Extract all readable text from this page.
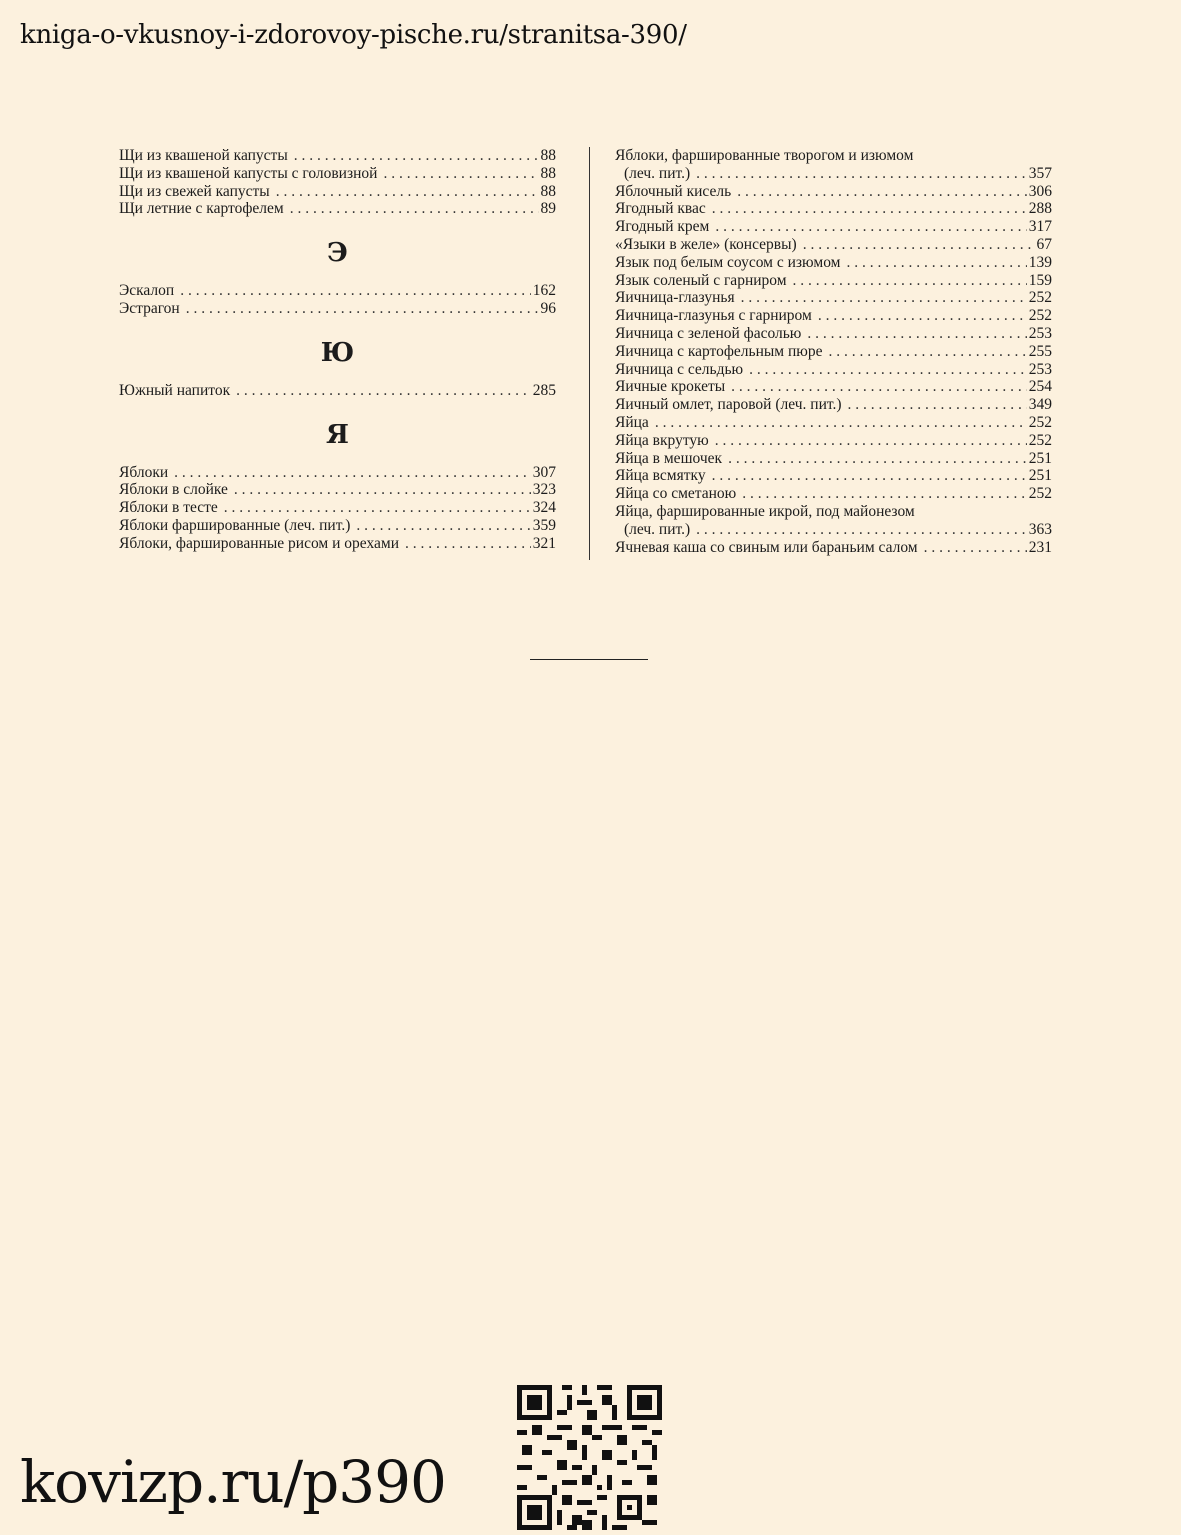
kniga-o-vkusnoy-i-zdorovoy-pische.ru/stranitsa-390/
Щи из квашеной капусты . . .	88
Щи из квашеной капусты с головизной . . .	88
Щи из свежей капусты . . .	88
Щи летние с картофелем . . .	89
Э
Эскалоп . . .	162
Эстрагон . . .	96
Ю
Южный напиток . . .	285
Я
Яблоки . . .	307
Яблоки в слойке . . .	323
Яблоки в тесте . . .	324
Яблоки фаршированные (леч. пит.) . . .	359
Яблоки, фаршированные рисом и орехами . . .	321
Яблоки, фаршированные творогом и изюмом
(леч. пит.) . . .	357
Яблочный кисель . . .	306
Ягодный квас . . .	288
Ягодный крем . . .	317
«Языки в желе» (консервы) . . .	67
Язык под белым соусом с изюмом . . .	139
Язык соленый с гарниром . . .	159
Яичница-глазунья . . .	252
Яичница-глазунья с гарниром . . .	252
Яичница с зеленой фасолью . . .	253
Яичница с картофельным пюре . . .	255
Яичница с сельдью . . .	253
Яичные крокеты . . .	254
Яичный омлет, паровой (леч. пит.) . . .	349
Яйца . . .	252
Яйца вкрутую . . .	252
Яйца в мешочек . . .	251
Яйца всмятку . . .	251
Яйца со сметаною . . .	252
Яйца, фаршированные икрой, под майонезом
(леч. пит.) . . .	363
Ячневая каша со свиным или бараньим салом . . .	231
kovizp.ru/p390
